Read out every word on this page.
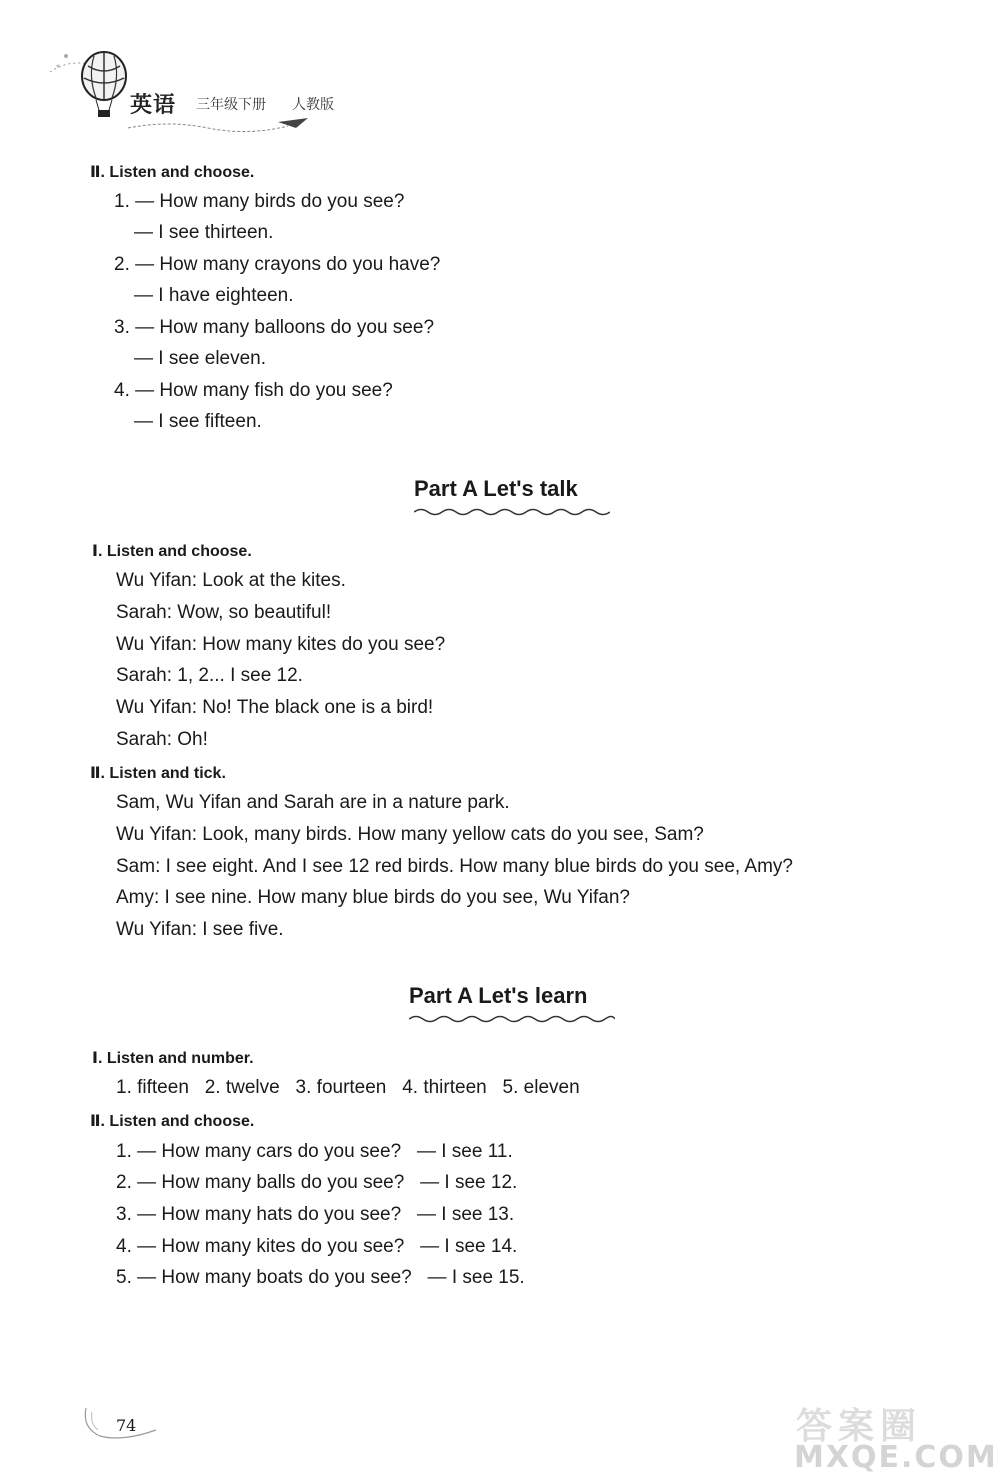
英语 三年级下册 人教版
Ⅱ. Listen and choose.
1. — How many birds do you see?
— I see thirteen.
2. — How many crayons do you have?
— I have eighteen.
3. — How many balloons do you see?
— I see eleven.
4. — How many fish do you see?
— I see fifteen.
Part A Let's talk
Ⅰ. Listen and choose.
Wu Yifan: Look at the kites.
Sarah: Wow, so beautiful!
Wu Yifan: How many kites do you see?
Sarah: 1, 2... I see 12.
Wu Yifan: No! The black one is a bird!
Sarah: Oh!
Ⅱ. Listen and tick.
Sam, Wu Yifan and Sarah are in a nature park.
Wu Yifan: Look, many birds. How many yellow cats do you see, Sam?
Sam: I see eight. And I see 12 red birds. How many blue birds do you see, Amy?
Amy: I see nine. How many blue birds do you see, Wu Yifan?
Wu Yifan: I see five.
Part A Let's learn
Ⅰ. Listen and number.
1. fifteen   2. twelve   3. fourteen   4. thirteen   5. eleven
Ⅱ. Listen and choose.
1. — How many cars do you see?   — I see 11.
2. — How many balls do you see?   — I see 12.
3. — How many hats do you see?   — I see 13.
4. — How many kites do you see?   — I see 14.
5. — How many boats do you see?   — I see 15.
74	答案圈
MXQE.COM
